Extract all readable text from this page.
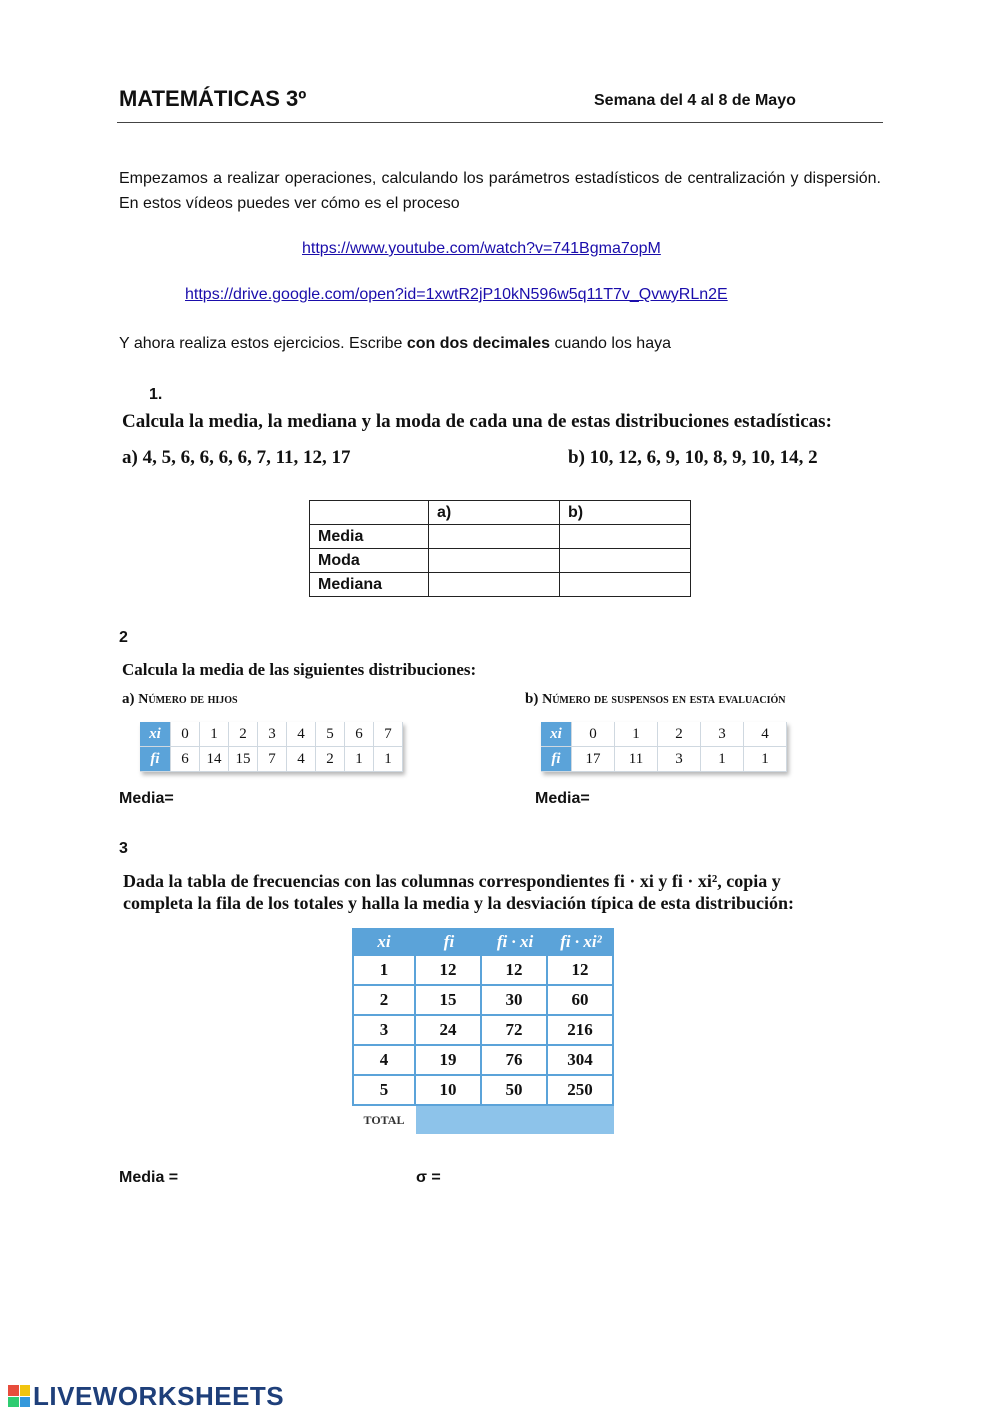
MATEMÁTICAS 3º	Semana del 4 al 8 de Mayo
Empezamos a realizar operaciones, calculando los parámetros estadísticos de centralización y dispersión. En estos vídeos puedes ver cómo es el proceso
https://www.youtube.com/watch?v=741Bgma7opM
https://drive.google.com/open?id=1xwtR2jP10kN596w5q11T7v_QvwyRLn2E
Y ahora realiza estos ejercicios. Escribe con dos decimales cuando los haya
1.
Calcula la media, la mediana y la moda de cada una de estas distribuciones estadísticas:
a) 4, 5, 6, 6, 6, 6, 7, 11, 12, 17	b) 10, 12, 6, 9, 10, 8, 9, 10, 14, 2
	a)	b)
Media		
Moda		
Mediana		
2
Calcula la media de las siguientes distribuciones:
a) Número de hijos	b) Número de suspensos en esta evaluación
xi	0	1	2	3	4	5	6	7
fi	6	14	15	7	4	2	1	1
xi	0	1	2	3	4
fi	17	11	3	1	1
Media=	Media=
3
Dada la tabla de frecuencias con las columnas correspondientes fi · xi y fi · xi², copia y completa la fila de los totales y halla la media y la desviación típica de esta distribución:
xi	fi	fi · xi	fi · xi²
1	12	12	12
2	15	30	60
3	24	72	216
4	19	76	304
5	10	50	250
TOTAL			
Media =	σ =
LIVEWORKSHEETS
